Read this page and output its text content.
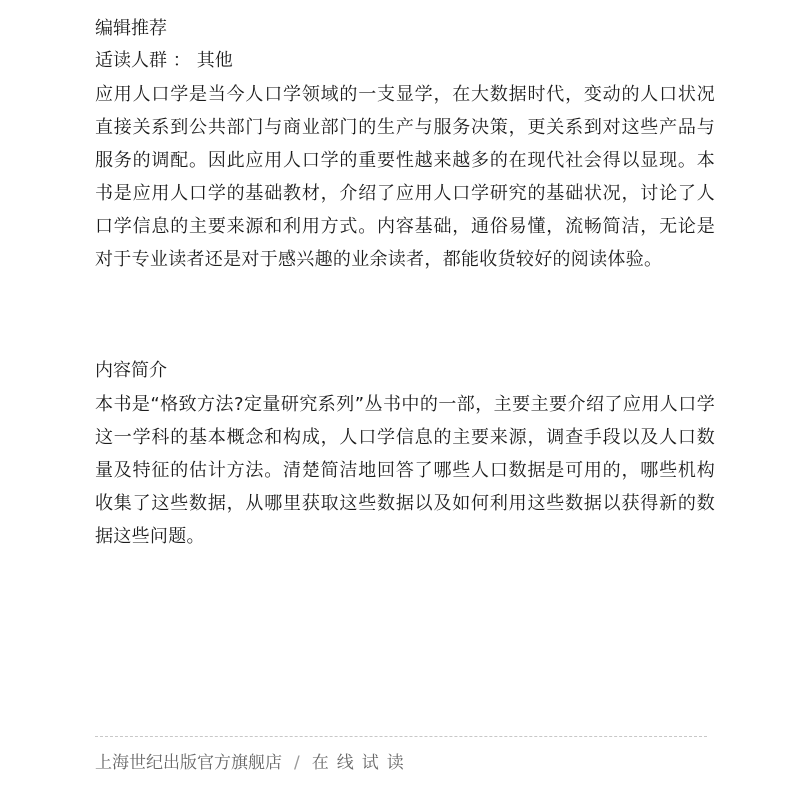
编辑推荐
适读人群 ： 其他

应用人口学是当今人口学领域的一支显学，在大数据时代，变动的人口状况直接关系到公共部门与商业部门的生产与服务决策，更关系到对这些产品与服务的调配。因此应用人口学的重要性越来越多的在现代社会得以显现。本书是应用人口学的基础教材，介绍了应用人口学研究的基础状况，讨论了人口学信息的主要来源和利用方式。内容基础，通俗易懂，流畅简洁，无论是对于专业读者还是对于感兴趣的业余读者，都能收货较好的阅读体验。

内容简介

本书是“格致方法?定量研究系列”丛书中的一部，主要主要介绍了应用人口学这一学科的基本概念和构成，人口学信息的主要来源，调查手段以及人口数量及特征的估计方法。清楚简洁地回答了哪些人口数据是可用的，哪些机构收集了这些数据，从哪里获取这些数据以及如何利用这些数据以获得新的数据这些问题。

上海世纪出版官方旗舰店 / 在线试读
